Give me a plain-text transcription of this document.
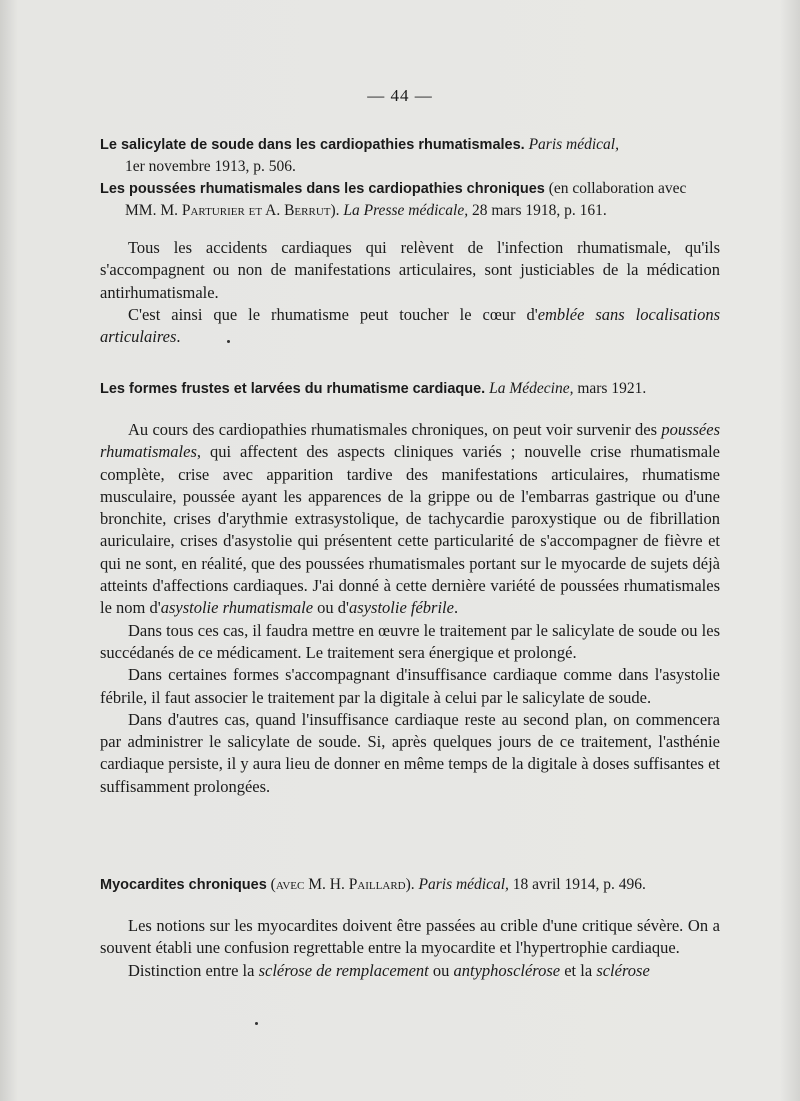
— 44 —
Le salicylate de soude dans les cardiopathies rhumatismales. Paris médical,
1er novembre 1913, p. 506.
Les poussées rhumatismales dans les cardiopathies chroniques (en collaboration avec
MM. M. Parturier et A. Berrut). La Presse médicale, 28 mars 1918, p. 161.

Tous les accidents cardiaques qui relèvent de l'infection rhumatismale, qu'ils s'accompagnent ou non de manifestations articulaires, sont justiciables de la médication antirhumatismale.

C'est ainsi que le rhumatisme peut toucher le cœur d'emblée sans localisations articulaires.

Les formes frustes et larvées du rhumatisme cardiaque. La Médecine, mars 1921.

Au cours des cardiopathies rhumatismales chroniques, on peut voir survenir des poussées rhumatismales, qui affectent des aspects cliniques variés ; nouvelle crise rhumatismale complète, crise avec apparition tardive des manifestations articulaires, rhumatisme musculaire, poussée ayant les apparences de la grippe ou de l'embarras gastrique ou d'une bronchite, crises d'arythmie extrasystolique, de tachycardie paroxystique ou de fibrillation auriculaire, crises d'asystolie qui présentent cette particularité de s'accompagner de fièvre et qui ne sont, en réalité, que des poussées rhumatismales portant sur le myocarde de sujets déjà atteints d'affections cardiaques. J'ai donné à cette dernière variété de poussées rhumatismales le nom d'asystolie rhumatismale ou d'asystolie fébrile.

Dans tous ces cas, il faudra mettre en œuvre le traitement par le salicylate de soude ou les succédanés de ce médicament. Le traitement sera énergique et prolongé.

Dans certaines formes s'accompagnant d'insuffisance cardiaque comme dans l'asystolie fébrile, il faut associer le traitement par la digitale à celui par le salicylate de soude.

Dans d'autres cas, quand l'insuffisance cardiaque reste au second plan, on commencera par administrer le salicylate de soude. Si, après quelques jours de ce traitement, l'asthénie cardiaque persiste, il y aura lieu de donner en même temps de la digitale à doses suffisantes et suffisamment prolongées.

Myocardites chroniques (avec M. H. Paillard). Paris médical, 18 avril 1914, p. 496.

Les notions sur les myocardites doivent être passées au crible d'une critique sévère. On a souvent établi une confusion regrettable entre la myocardite et l'hypertrophie cardiaque.

Distinction entre la sclérose de remplacement ou antyphosclérose et la sclérose
